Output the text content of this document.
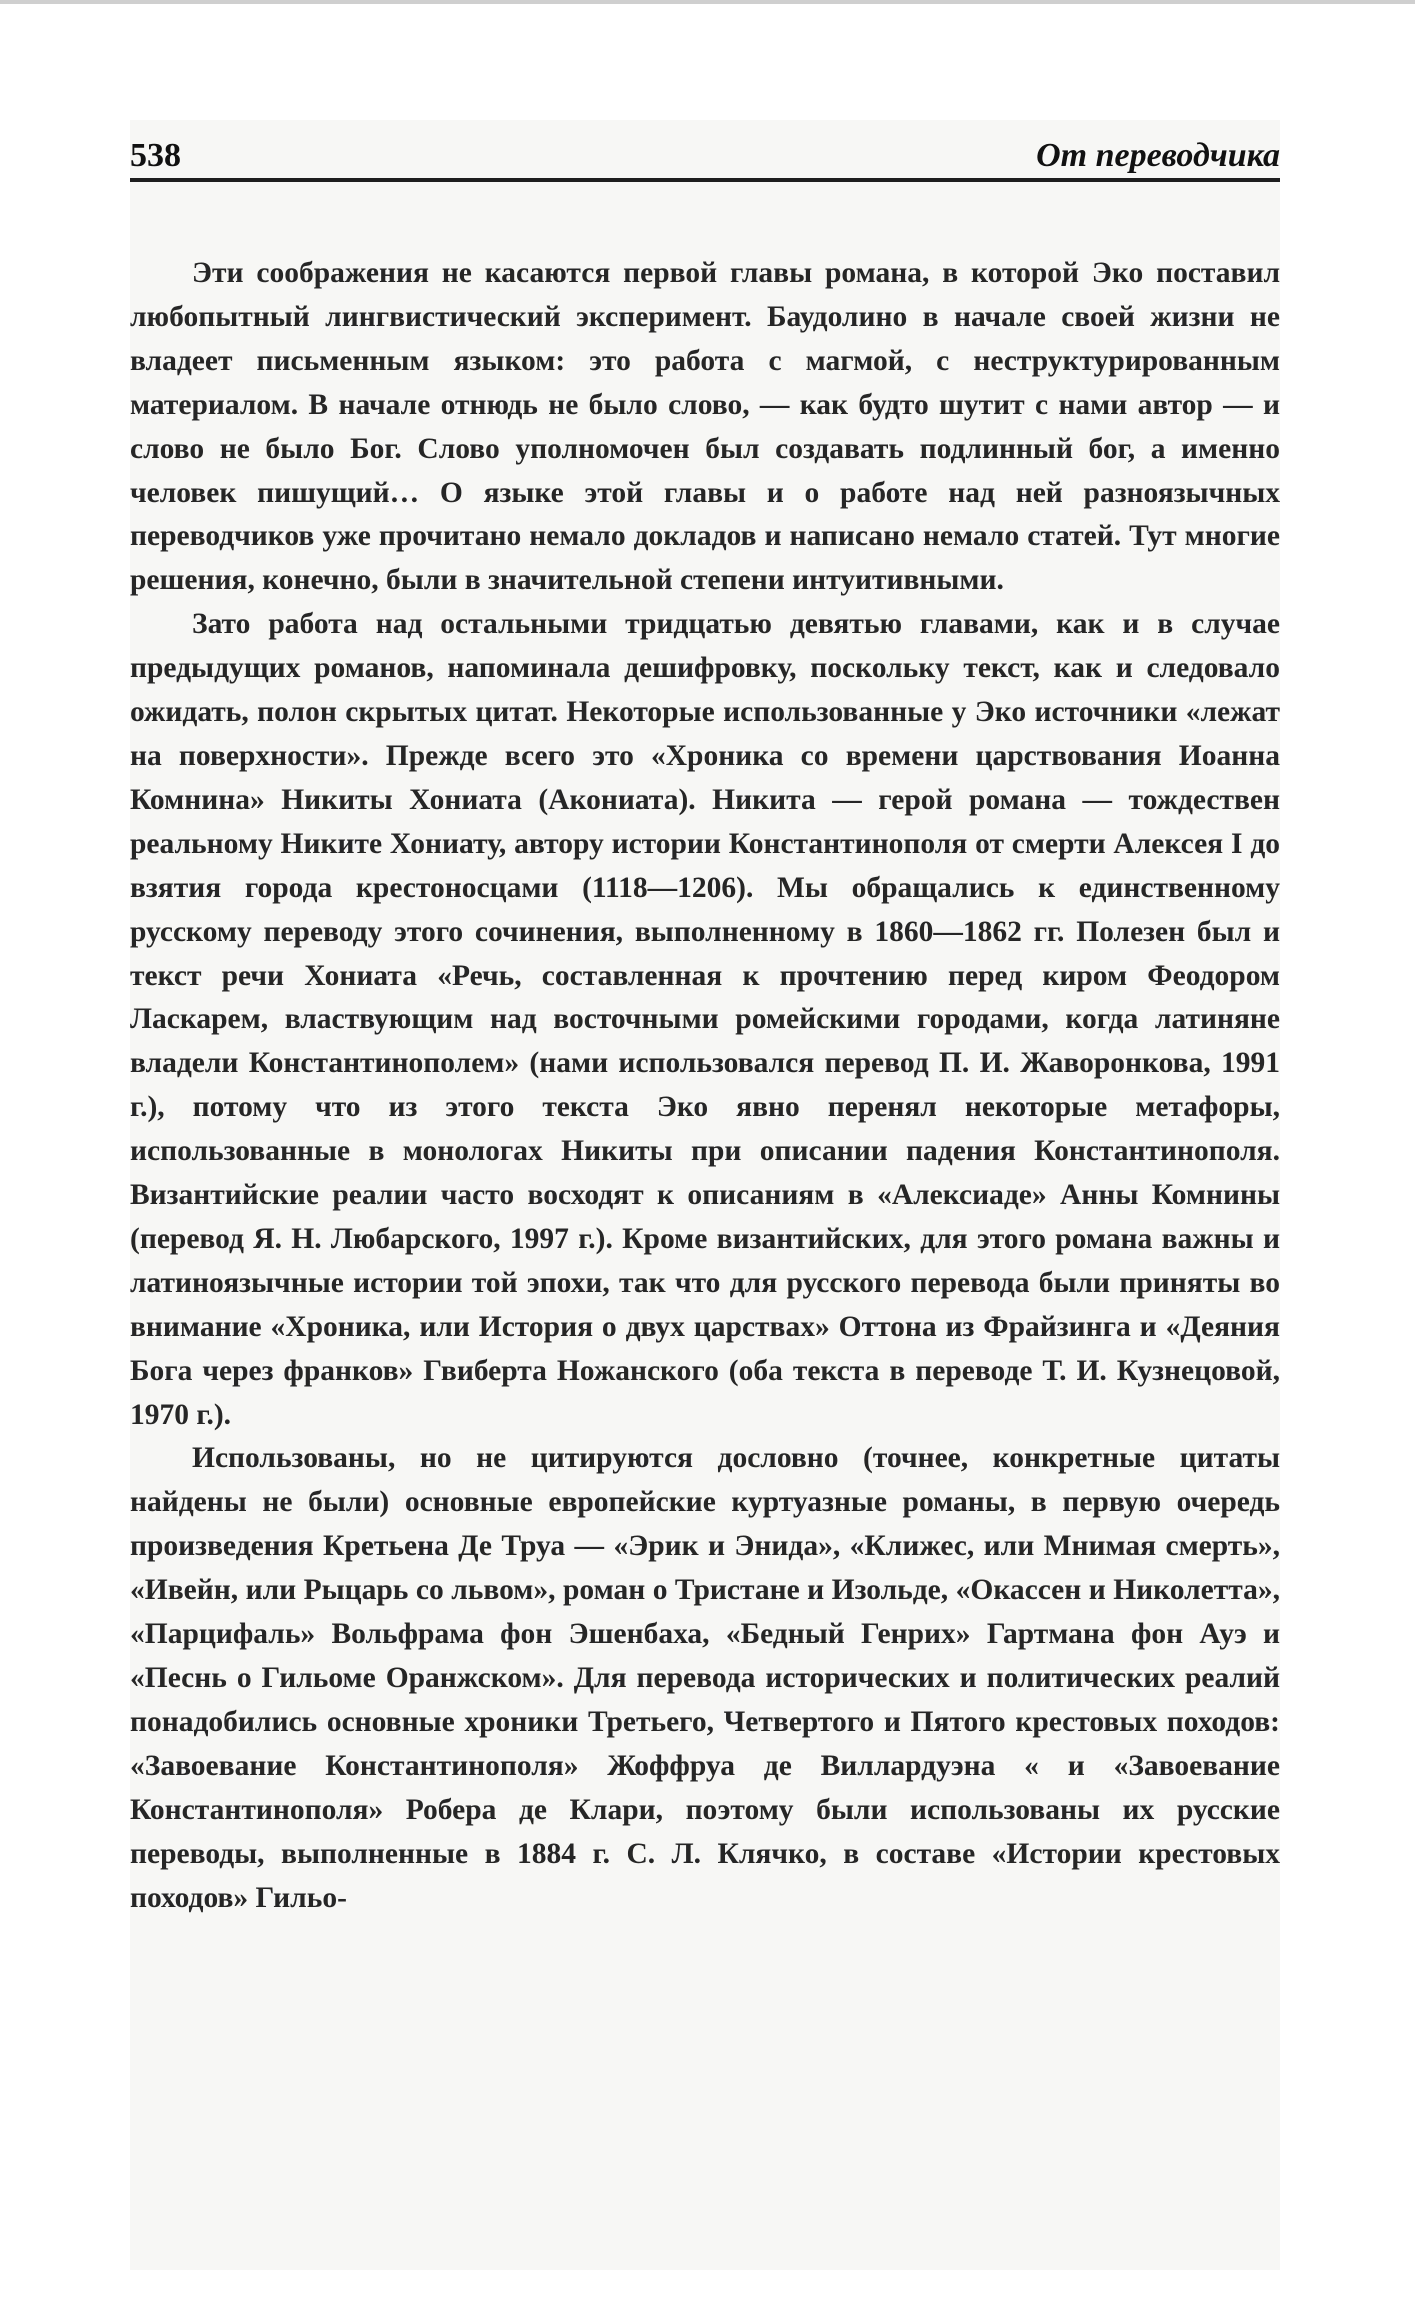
538	От переводчика

Эти соображения не касаются первой главы романа, в которой Эко поставил любопытный лингвистический эксперимент. Баудолино в начале своей жизни не владеет письменным языком: это работа с магмой, с неструктурированным материалом. В начале отнюдь не было слово, — как будто шутит с нами автор — и слово не было Бог. Слово уполномочен был создавать подлинный бог, а именно человек пишущий… О языке этой главы и о работе над ней разноязычных переводчиков уже прочитано немало докладов и написано немало статей. Тут многие решения, конечно, были в значительной степени интуитивными.

Зато работа над остальными тридцатью девятью главами, как и в случае предыдущих романов, напоминала дешифровку, поскольку текст, как и следовало ожидать, полон скрытых цитат. Некоторые использованные у Эко источники «лежат на поверхности». Прежде всего это «Хроника со времени царствования Иоанна Комнина» Никиты Хониата (Акониата). Никита — герой романа — тождествен реальному Никите Хониату, автору истории Константинополя от смерти Алексея I до взятия города крестоносцами (1118—1206). Мы обращались к единственному русскому переводу этого сочинения, выполненному в 1860—1862 гг. Полезен был и текст речи Хониата «Речь, составленная к прочтению перед киром Феодором Ласкарем, властвующим над восточными ромейскими городами, когда латиняне владели Константинополем» (нами использовался перевод П. И. Жаворонкова, 1991 г.), потому что из этого текста Эко явно перенял некоторые метафоры, использованные в монологах Никиты при описании падения Константинополя. Византийские реалии часто восходят к описаниям в «Алексиаде» Анны Комнины (перевод Я. Н. Любарского, 1997 г.). Кроме византийских, для этого романа важны и латиноязычные истории той эпохи, так что для русского перевода были приняты во внимание «Хроника, или История о двух царствах» Оттона из Фрайзинга и «Деяния Бога через франков» Гвиберта Ножанского (оба текста в переводе Т. И. Кузнецовой, 1970 г.).

Использованы, но не цитируются дословно (точнее, конкретные цитаты найдены не были) основные европейские куртуазные романы, в первую очередь произведения Кретьена Де Труа — «Эрик и Энида», «Клижес, или Мнимая смерть», «Ивейн, или Рыцарь со львом», роман о Тристане и Изольде, «Окассен и Николетта», «Парцифаль» Вольфрама фон Эшенбаха, «Бедный Генрих» Гартмана фон Ауэ и «Песнь о Гильоме Оранжском». Для перевода исторических и политических реалий понадобились основные хроники Третьего, Четвертого и Пятого крестовых походов: «Завоевание Константинополя» Жоффруа де Виллардуэна « и «Завоевание Константинополя» Робера де Клари, поэтому были использованы их русские переводы, выполненные в 1884 г. С. Л. Клячко, в составе «Истории крестовых походов» Гильо-
